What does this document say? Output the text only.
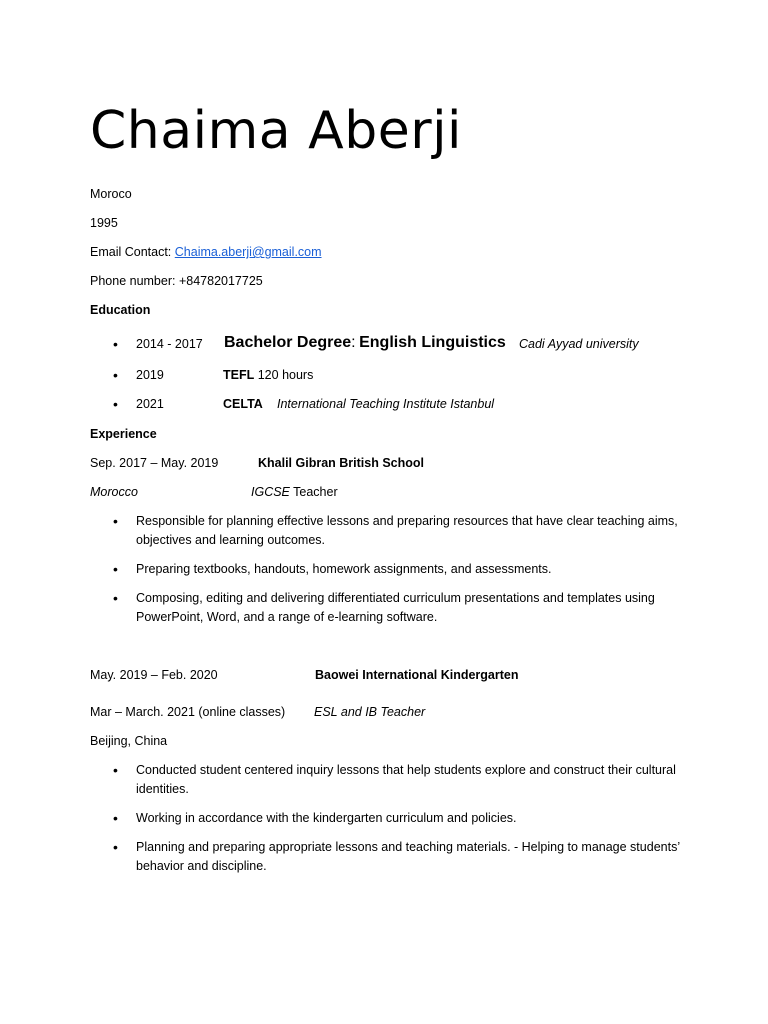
Chaima Aberji
Moroco
1995
Email Contact: Chaima.aberji@gmail.com
Phone number: +84782017725
Education
•
2014 - 2017 Bachelor Degree: English Linguistics Cadi Ayyad university
•
2019	TEFL 120 hours
•
2021	CELTA International Teaching Institute Istanbul
Experience
Sep. 2017 – May. 2019	Khalil Gibran British School
Morocco	IGCSE Teacher
•
Responsible for planning effective lessons and preparing resources that have clear teaching aims, objectives and learning outcomes.
•
Preparing textbooks, handouts, homework assignments, and assessments.
•
Composing, editing and delivering differentiated curriculum presentations and templates using PowerPoint, Word, and a range of e-learning software.
May. 2019 – Feb. 2020	Baowei International Kindergarten
Mar – March. 2021 (online classes) ESL and IB Teacher
Beijing, China
•
Conducted student centered inquiry lessons that help students explore and construct their cultural identities.
•
Working in accordance with the kindergarten curriculum and policies.
•
Planning and preparing appropriate lessons and teaching materials. - Helping to manage students’ behavior and discipline.
